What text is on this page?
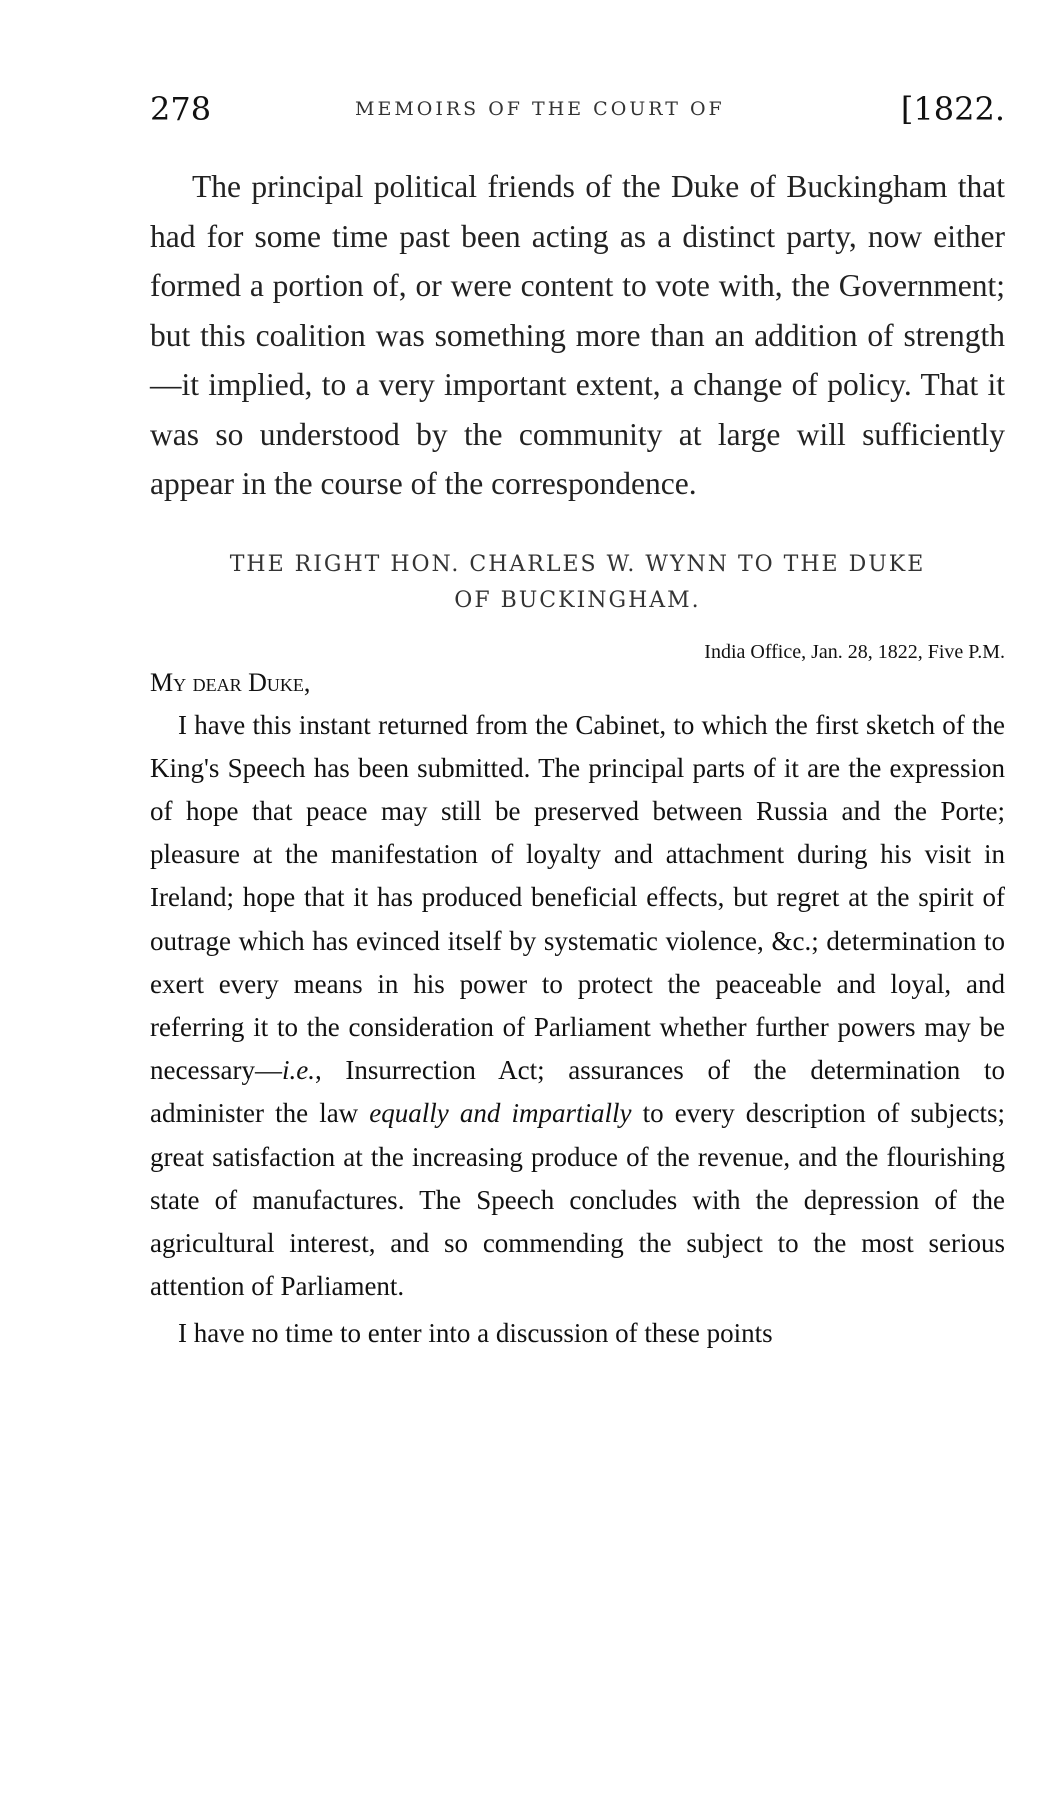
278	MEMOIRS OF THE COURT OF	[1822.

The principal political friends of the Duke of Buckingham that had for some time past been acting as a distinct party, now either formed a portion of, or were content to vote with, the Government; but this coalition was something more than an addition of strength—it implied, to a very important extent, a change of policy. That it was so understood by the community at large will sufficiently appear in the course of the correspondence.

THE RIGHT HON. CHARLES W. WYNN TO THE DUKE
OF BUCKINGHAM.
India Office, Jan. 28, 1822, Five P.M.
My dear Duke,

I have this instant returned from the Cabinet, to which the first sketch of the King's Speech has been submitted. The principal parts of it are the expression of hope that peace may still be preserved between Russia and the Porte; pleasure at the manifestation of loyalty and attachment during his visit in Ireland; hope that it has produced beneficial effects, but regret at the spirit of outrage which has evinced itself by systematic violence, &c.; determination to exert every means in his power to protect the peaceable and loyal, and referring it to the consideration of Parliament whether further powers may be necessary—i.e., Insurrection Act; assurances of the determination to administer the law equally and impartially to every description of subjects; great satisfaction at the increasing produce of the revenue, and the flourishing state of manufactures. The Speech concludes with the depression of the agricultural interest, and so commending the subject to the most serious attention of Parliament.

I have no time to enter into a discussion of these points
